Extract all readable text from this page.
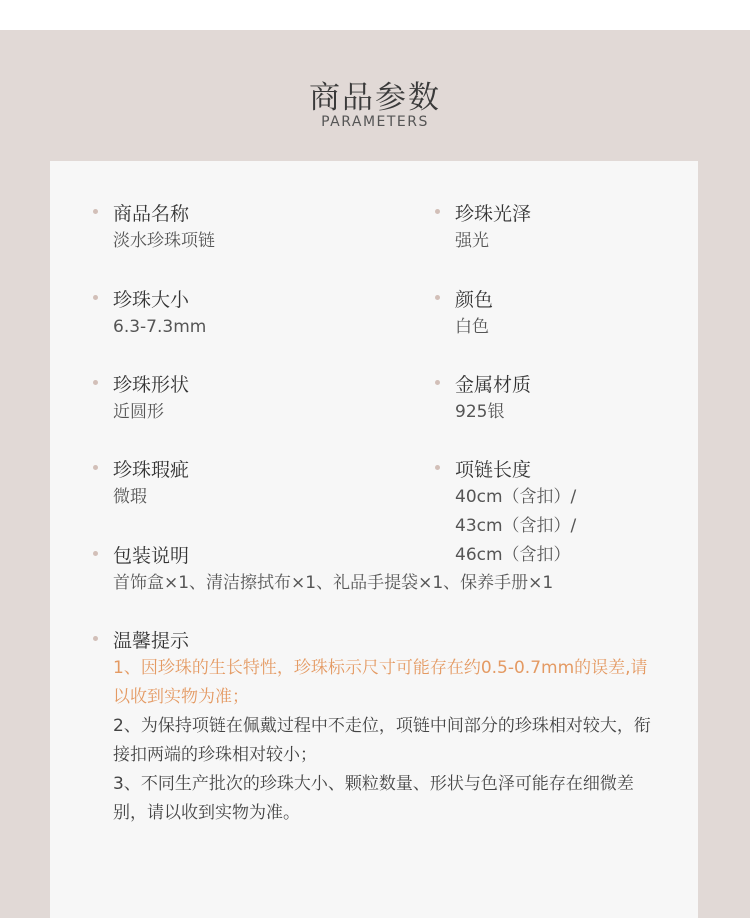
商品参数
PARAMETERS
商品名称
淡水珍珠项链
珍珠大小
6.3-7.3mm
珍珠形状
近圆形
珍珠瑕疵
微瑕
珍珠光泽
强光
颜色
白色
金属材质
925银
项链长度
40cm（含扣）/
43cm（含扣）/
46cm（含扣）
包装说明
首饰盒×1、清洁擦拭布×1、礼品手提袋×1、保养手册×1
温馨提示
1、因珍珠的生长特性，珍珠标示尺寸可能存在约0.5-0.7mm的误差,请以收到实物为准；
2、为保持项链在佩戴过程中不走位，项链中间部分的珍珠相对较大，衔接扣两端的珍珠相对较小；
3、不同生产批次的珍珠大小、颗粒数量、形状与色泽可能存在细微差别，请以收到实物为准。
